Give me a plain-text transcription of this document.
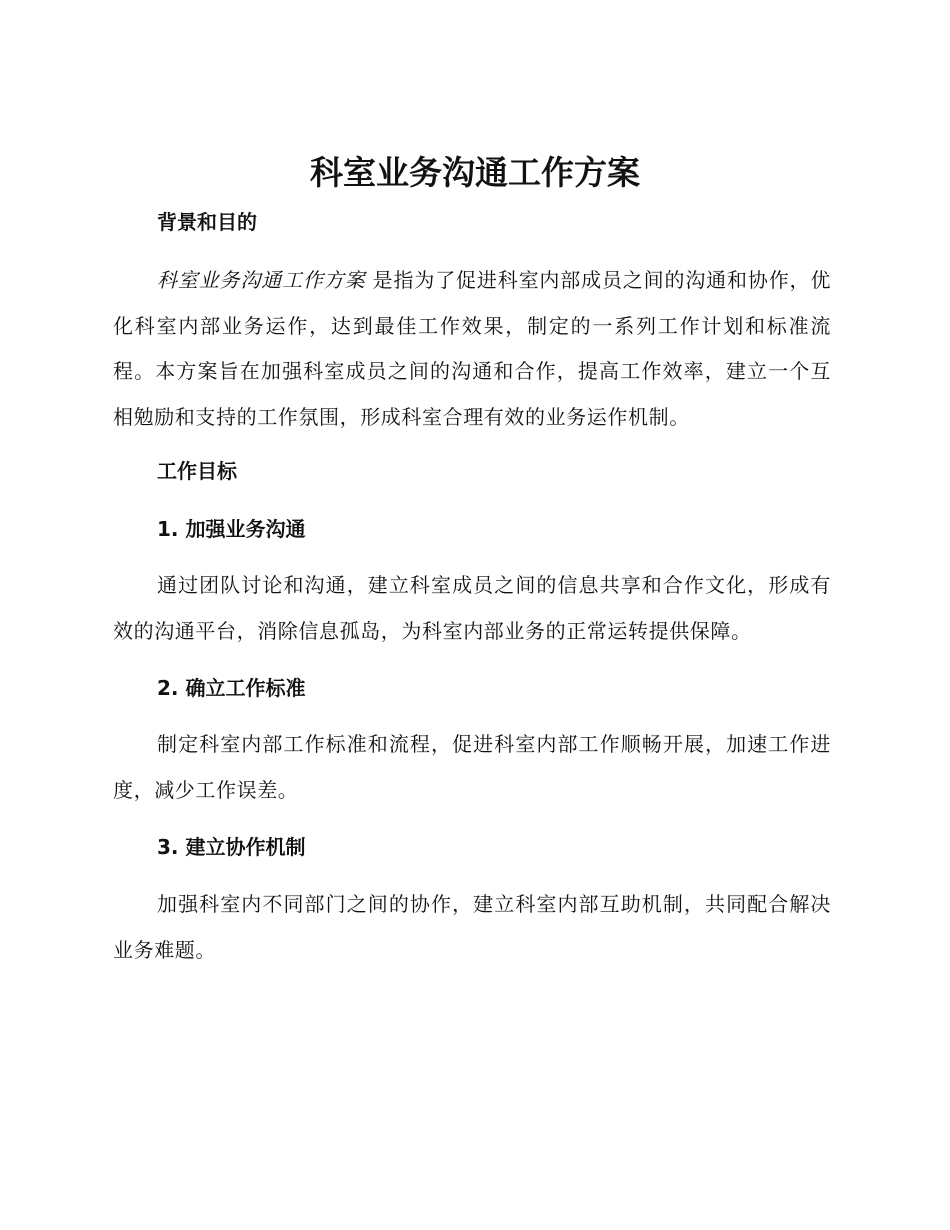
科室业务沟通工作方案
背景和目的
科室业务沟通工作方案 是指为了促进科室内部成员之间的沟通和协作，优化科室内部业务运作，达到最佳工作效果，制定的一系列工作计划和标准流程。本方案旨在加强科室成员之间的沟通和合作，提高工作效率，建立一个互相勉励和支持的工作氛围，形成科室合理有效的业务运作机制。
工作目标
1. 加强业务沟通
通过团队讨论和沟通，建立科室成员之间的信息共享和合作文化，形成有效的沟通平台，消除信息孤岛，为科室内部业务的正常运转提供保障。
2. 确立工作标准
制定科室内部工作标准和流程，促进科室内部工作顺畅开展，加速工作进度，减少工作误差。
3. 建立协作机制
加强科室内不同部门之间的协作，建立科室内部互助机制，共同配合解决业务难题。
